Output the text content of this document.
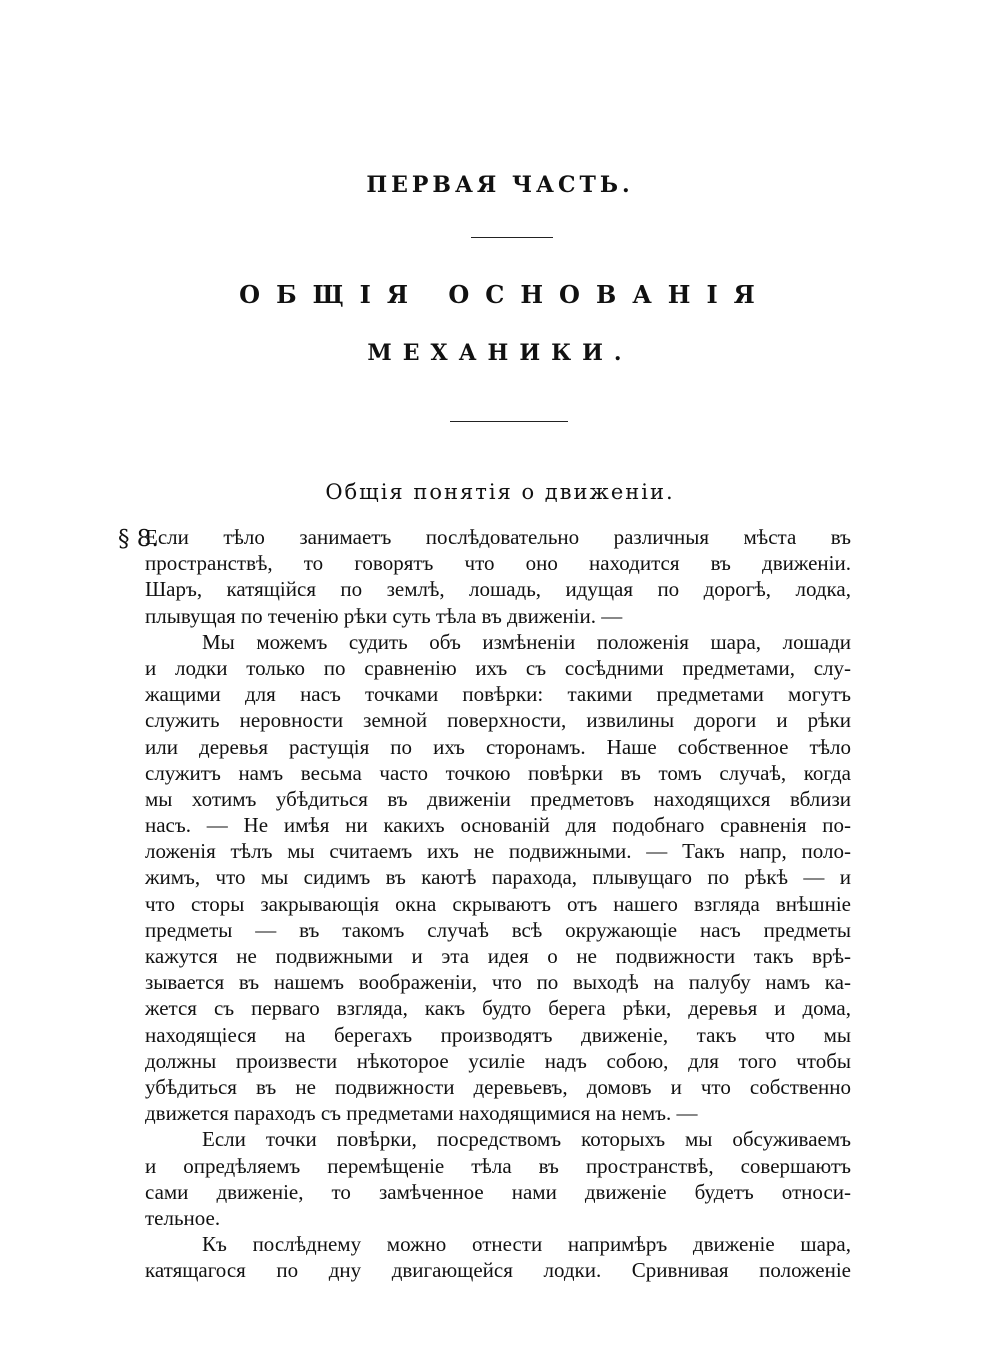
ПЕРВАЯ ЧАСТЬ.
ОБЩІЯ ОСНОВАНІЯ
МЕХАНИКИ.
Общія понятія о движеніи.
§ 8.
Если тѣло занимаетъ послѣдовательно различныя мѣста въ
пространствѣ, то говорятъ что оно находится въ движеніи.
Шаръ, катящійся по землѣ, лошадь, идущая по дорогѣ, лодка,
плывущая по теченію рѣки суть тѣла въ движеніи. —
Мы можемъ судить объ измѣненіи положенія шара, лошади
и лодки только по сравненію ихъ съ сосѣдними предметами, слу-
жащими для насъ точками повѣрки: такими предметами могутъ
служить неровности земной поверхности, извилины дороги и рѣки
или деревья растущія по ихъ сторонамъ. Наше собственное тѣло
служитъ намъ весьма часто точкою повѣрки въ томъ случаѣ, когда
мы хотимъ убѣдиться въ движеніи предметовъ находящихся вблизи
насъ. — Не имѣя ни какихъ основаній для подобнаго сравненія по-
ложенія тѣлъ мы считаемъ ихъ не подвижными. — Такъ напр, поло-
жимъ, что мы сидимъ въ каютѣ парахода, плывущаго по рѣкѣ — и
что сторы закрывающія окна скрываютъ отъ нашего взгляда внѣшніе
предметы — въ такомъ случаѣ всѣ окружающіе насъ предметы
кажутся не подвижными и эта идея о не подвижности такъ врѣ-
зывается въ нашемъ воображеніи, что по выходѣ на палубу намъ ка-
жется съ перваго взгляда, какъ будто берега рѣки, деревья и дома,
находящіеся на берегахъ производятъ движеніе, такъ что мы
должны произвести нѣкоторое усиліе надъ собою, для того чтобы
убѣдиться въ не подвижности деревьевъ, домовъ и что собственно
движется параходъ съ предметами находящимися на немъ. —
Если точки повѣрки, посредствомъ которыхъ мы обсуживаемъ
и опредѣляемъ перемѣщеніе тѣла въ пространствѣ, совершаютъ
сами движеніе, то замѣченное нами движеніе будетъ относи-
тельное.
Къ послѣднему можно отнести напримѣръ движеніе шара,
катящагося по дну двигающейся лодки. Сривнивая положеніе
